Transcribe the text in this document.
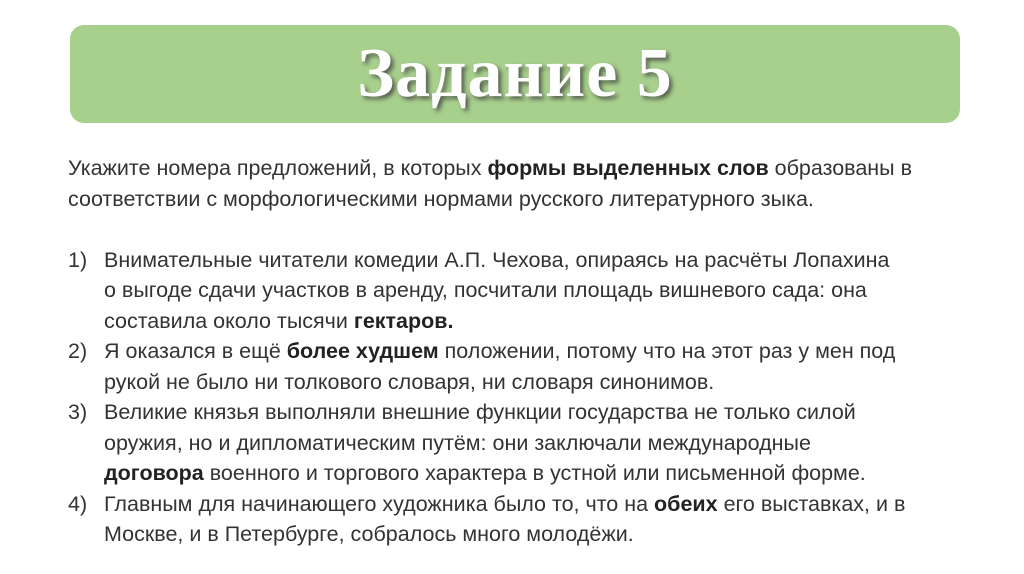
Задание 5

Укажите номера предложений, в которых формы выделенных слов образованы в
соответствии с морфологическими нормами русского литературного зыка.

1) Внимательные читатели комедии А.П. Чехова, опираясь на расчёты Лопахина
о выгоде сдачи участков в аренду, посчитали площадь вишневого сада: она
составила около тысячи гектаров.
2) Я оказался в ещё более худшем положении, потому что на этот раз у мен под
рукой не было ни толкового словаря, ни словаря синонимов.
3) Великие князья выполняли внешние функции государства не только силой
оружия, но и дипломатическим путём: они заключали международные
договора военного и торгового характера в устной или письменной форме.
4) Главным для начинающего художника было то, что на обеих его выставках, и в
Москве, и в Петербурге, собралось много молодёжи.
